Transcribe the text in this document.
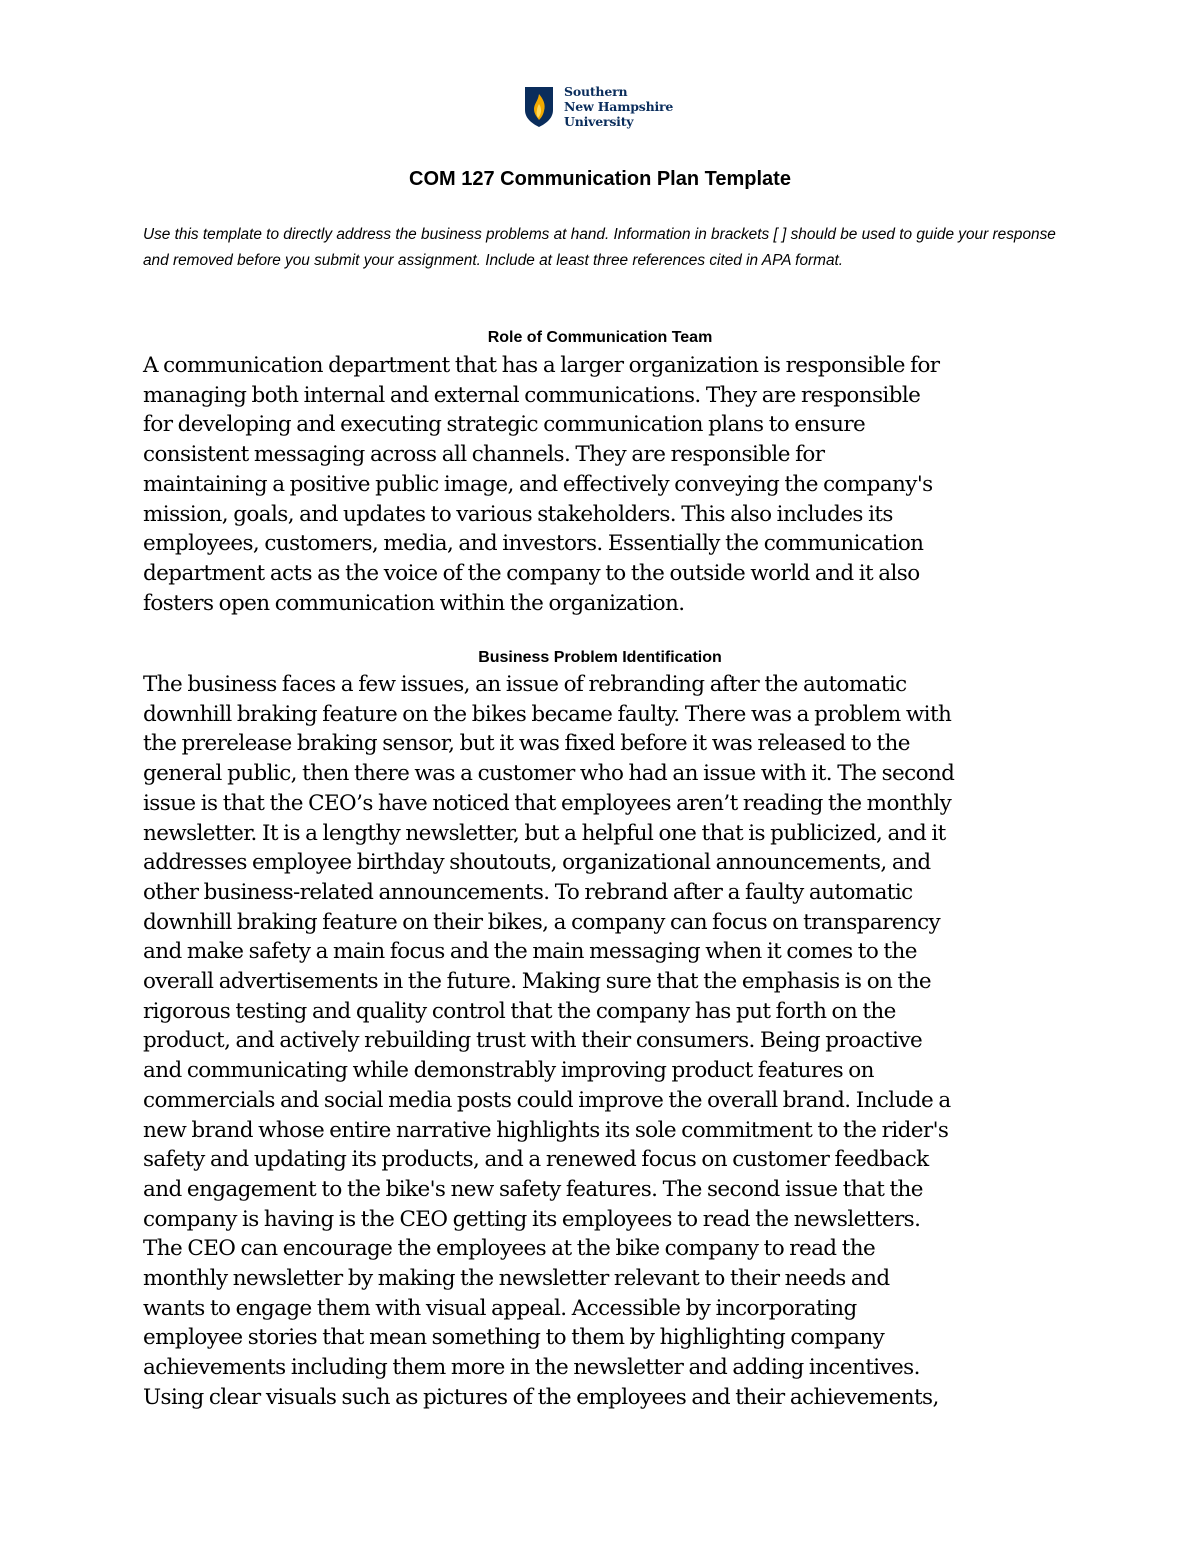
Southern
New Hampshire
University
COM 127 Communication Plan Template
Use this template to directly address the business problems at hand. Information in brackets [ ] should be used to guide your response and removed before you submit your assignment. Include at least three references cited in APA format.
Role of Communication Team
A communication department that has a larger organization is responsible for
managing both internal and external communications. They are responsible
for developing and executing strategic communication plans to ensure
consistent messaging across all channels. They are responsible for
maintaining a positive public image, and effectively conveying the company's
mission, goals, and updates to various stakeholders. This also includes its
employees, customers, media, and investors. Essentially the communication
department acts as the voice of the company to the outside world and it also
fosters open communication within the organization.
Business Problem Identification
The business faces a few issues, an issue of rebranding after the automatic
downhill braking feature on the bikes became faulty. There was a problem with
the prerelease braking sensor, but it was fixed before it was released to the
general public, then there was a customer who had an issue with it. The second
issue is that the CEO’s have noticed that employees aren’t reading the monthly
newsletter. It is a lengthy newsletter, but a helpful one that is publicized, and it
addresses employee birthday shoutouts, organizational announcements, and
other business-related announcements. To rebrand after a faulty automatic
downhill braking feature on their bikes, a company can focus on transparency
and make safety a main focus and the main messaging when it comes to the
overall advertisements in the future. Making sure that the emphasis is on the
rigorous testing and quality control that the company has put forth on the
product, and actively rebuilding trust with their consumers. Being proactive
and communicating while demonstrably improving product features on
commercials and social media posts could improve the overall brand. Include a
new brand whose entire narrative highlights its sole commitment to the rider's
safety and updating its products, and a renewed focus on customer feedback
and engagement to the bike's new safety features. The second issue that the
company is having is the CEO getting its employees to read the newsletters.
The CEO can encourage the employees at the bike company to read the
monthly newsletter by making the newsletter relevant to their needs and
wants to engage them with visual appeal. Accessible by incorporating
employee stories that mean something to them by highlighting company
achievements including them more in the newsletter and adding incentives.
Using clear visuals such as pictures of the employees and their achievements,
